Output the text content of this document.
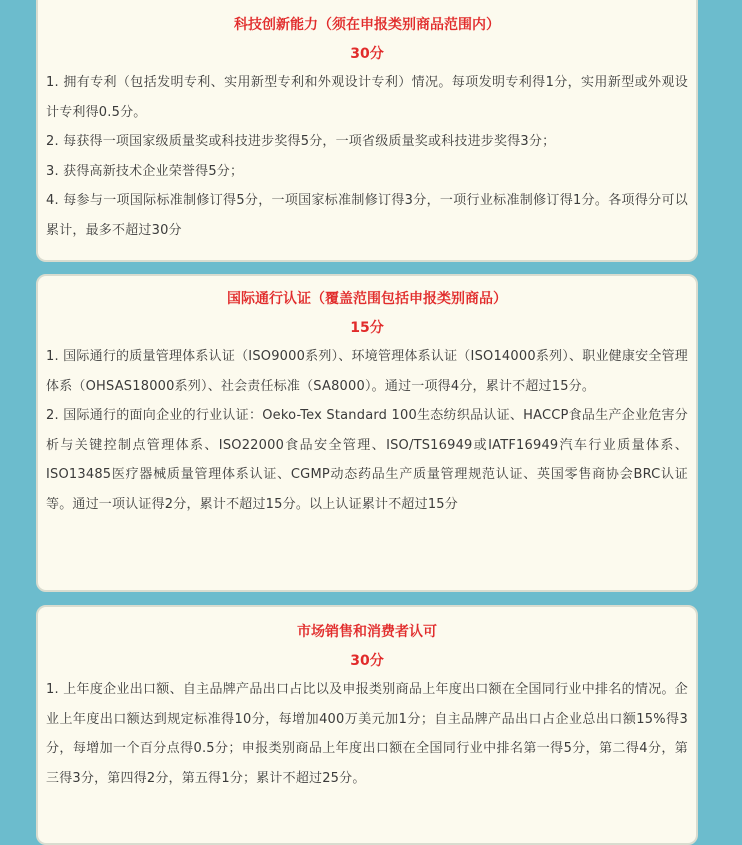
科技创新能力（须在申报类别商品范围内）
30分

1. 拥有专利（包括发明专利、实用新型专利和外观设计专利）情况。每项发明专利得1分，实用新型或外观设计专利得0.5分。

2. 每获得一项国家级质量奖或科技进步奖得5分，一项省级质量奖或科技进步奖得3分；

3. 获得高新技术企业荣誉得5分；

4. 每参与一项国际标准制修订得5分，一项国家标准制修订得3分，一项行业标准制修订得1分。各项得分可以累计，最多不超过30分

国际通行认证（覆盖范围包括申报类别商品）
15分

1. 国际通行的质量管理体系认证（ISO9000系列）、环境管理体系认证（ISO14000系列）、职业健康安全管理体系（OHSAS18000系列）、社会责任标准（SA8000）。通过一项得4分，累计不超过15分。

2. 国际通行的面向企业的行业认证：Oeko-Tex Standard 100生态纺织品认证、HACCP食品生产企业危害分析与关键控制点管理体系、ISO22000食品安全管理、ISO/TS16949或IATF16949汽车行业质量体系、ISO13485医疗器械质量管理体系认证、CGMP动态药品生产质量管理规范认证、英国零售商协会BRC认证等。通过一项认证得2分，累计不超过15分。以上认证累计不超过15分

市场销售和消费者认可
30分

1. 上年度企业出口额、自主品牌产品出口占比以及申报类别商品上年度出口额在全国同行业中排名的情况。企业上年度出口额达到规定标准得10分，每增加400万美元加1分；自主品牌产品出口占企业总出口额15%得3分，每增加一个百分点得0.5分；申报类别商品上年度出口额在全国同行业中排名第一得5分，第二得4分，第三得3分，第四得2分，第五得1分；累计不超过25分。
